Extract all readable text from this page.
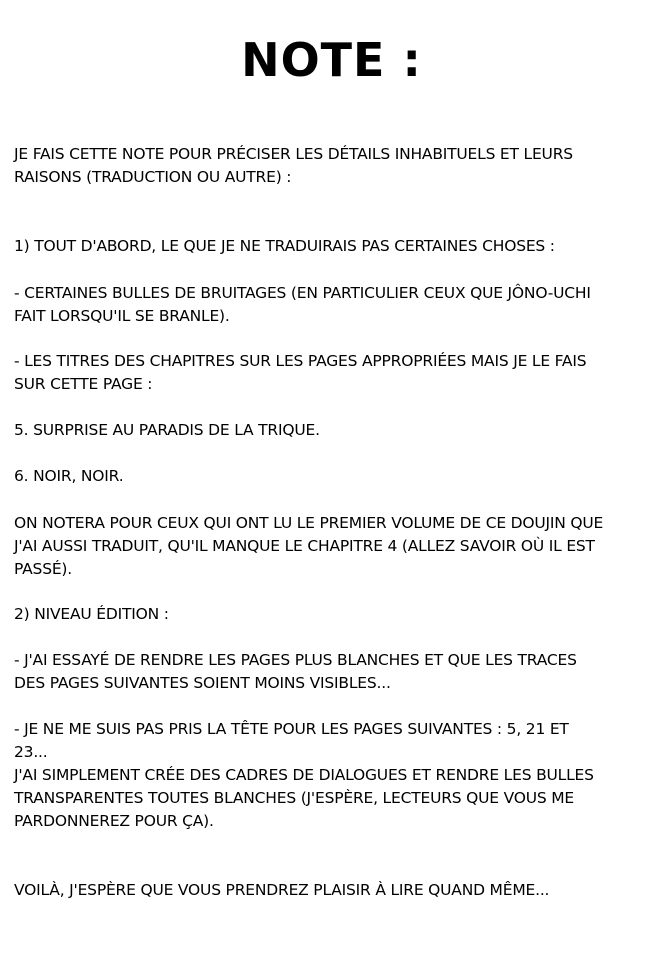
NOTE :

JE FAIS CETTE NOTE POUR PRÉCISER LES DÉTAILS INHABITUELS ET LEURS
RAISONS (TRADUCTION OU AUTRE) :

1) TOUT D'ABORD, LE QUE JE NE TRADUIRAIS PAS CERTAINES CHOSES :

- CERTAINES BULLES DE BRUITAGES (EN PARTICULIER CEUX QUE JÔNO-UCHI
FAIT LORSQU'IL SE BRANLE).

- LES TITRES DES CHAPITRES SUR LES PAGES APPROPRIÉES MAIS JE LE FAIS
SUR CETTE PAGE :

5. SURPRISE AU PARADIS DE LA TRIQUE.

6. NOIR, NOIR.

ON NOTERA POUR CEUX QUI ONT LU LE PREMIER VOLUME DE CE DOUJIN QUE
J'AI AUSSI TRADUIT, QU'IL MANQUE LE CHAPITRE 4 (ALLEZ SAVOIR OÙ IL EST
PASSÉ).

2) NIVEAU ÉDITION :

- J'AI ESSAYÉ DE RENDRE LES PAGES PLUS BLANCHES ET QUE LES TRACES
DES PAGES SUIVANTES SOIENT MOINS VISIBLES...

- JE NE ME SUIS PAS PRIS LA TÊTE POUR LES PAGES SUIVANTES : 5, 21 ET
23...
J'AI SIMPLEMENT CRÉE DES CADRES DE DIALOGUES ET RENDRE LES BULLES
TRANSPARENTES TOUTES BLANCHES (J'ESPÈRE, LECTEURS QUE VOUS ME
PARDONNEREZ POUR ÇA).

VOILÀ, J'ESPÈRE QUE VOUS PRENDREZ PLAISIR À LIRE QUAND MÊME...
